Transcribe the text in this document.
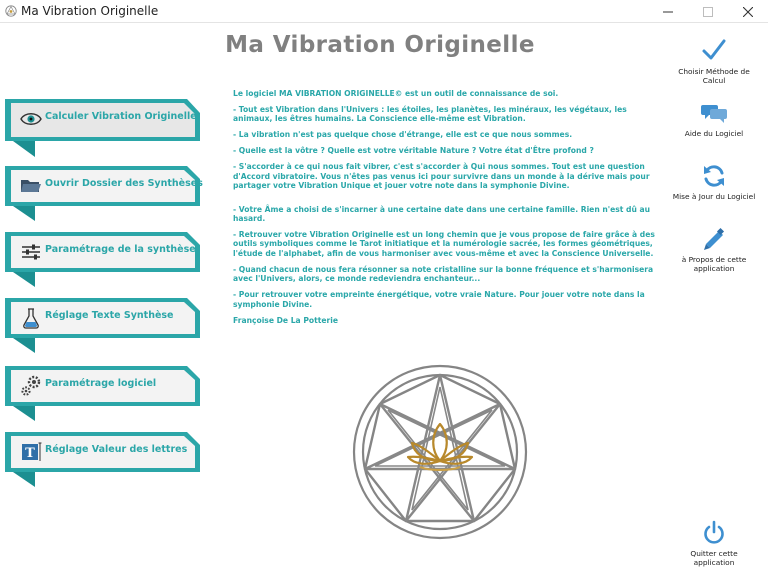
Ma Vibration Originelle
Ma Vibration Originelle
Calculer Vibration Originelle
Ouvrir Dossier des Synthèses
Paramétrage de la synthèse
Réglage Texte Synthèse
Paramétrage logiciel
T Réglage Valeur des lettres

Le logiciel MA VIBRATION ORIGINELLE© est un outil de connaissance de soi.

- Tout est Vibration dans l'Univers : les étoiles, les planètes, les minéraux, les végétaux, les animaux, les êtres humains. La Conscience elle-même est Vibration.

- La vibration n'est pas quelque chose d'étrange, elle est ce que nous sommes.

- Quelle est la vôtre ? Quelle est votre véritable Nature ? Votre état d'Être profond ?

- S'accorder à ce qui nous fait vibrer, c'est s'accorder à Qui nous sommes. Tout est une question d'Accord vibratoire. Vous n'êtes pas venus ici pour survivre dans un monde à la dérive mais pour partager votre Vibration Unique et jouer votre note dans la symphonie Divine.

- Votre Âme a choisi de s'incarner à une certaine date dans une certaine famille. Rien n'est dû au hasard.

- Retrouver votre Vibration Originelle est un long chemin que je vous propose de faire grâce à des outils symboliques comme le Tarot initiatique et la numérologie sacrée, les formes géométriques, l'étude de l'alphabet, afin de vous harmoniser avec vous-même et avec la Conscience Universelle.

- Quand chacun de nous fera résonner sa note cristalline sur la bonne fréquence et s'harmonisera avec l'Univers, alors, ce monde redeviendra enchanteur...

- Pour retrouver votre empreinte énergétique, votre vraie Nature. Pour jouer votre note dans la symphonie Divine.

Françoise De La Potterie

Choisir Méthode de Calcul
Aide du Logiciel
Mise à Jour du Logiciel
à Propos de cette application
Quitter cette application
